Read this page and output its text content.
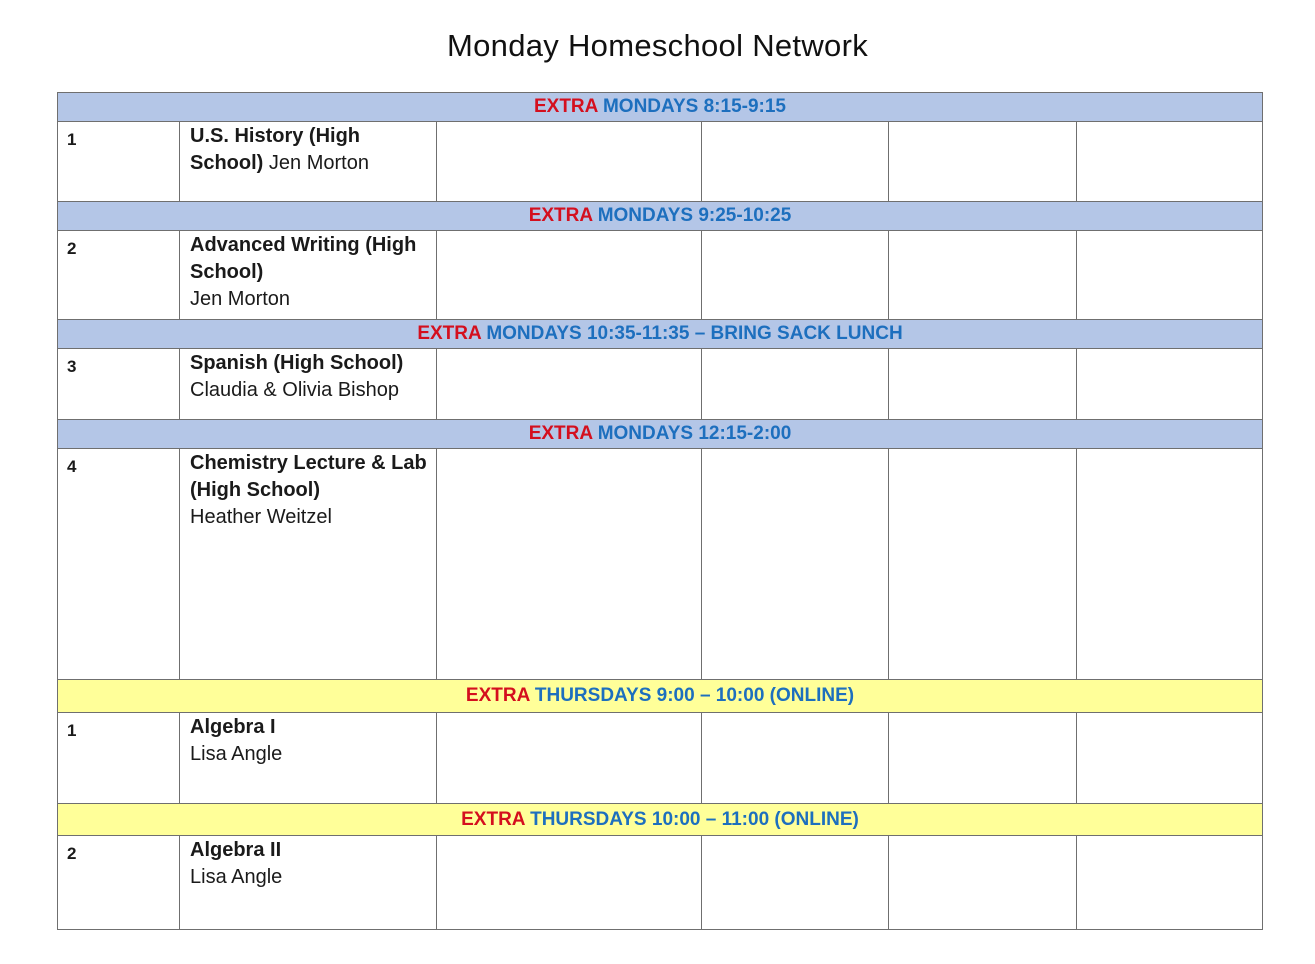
Monday Homeschool Network
EXTRA MONDAYS 8:15-9:15					
1	U.S. History (High School) Jen Morton				
EXTRA MONDAYS 9:25-10:25					
2	Advanced Writing (High School)
Jen Morton				

EXTRA MONDAYS 10:35-11:35 – BRING SACK LUNCH					
3	Spanish (High School)
Claudia & Olivia Bishop				

EXTRA MONDAYS 12:15-2:00					
4	Chemistry Lecture & Lab (High School)
Heather Weitzel				

EXTRA THURSDAYS 9:00 – 10:00 (ONLINE)					
1	Algebra I
Lisa Angle				

EXTRA THURSDAYS 10:00 – 11:00 (ONLINE)					
2	Algebra II
Lisa Angle				
